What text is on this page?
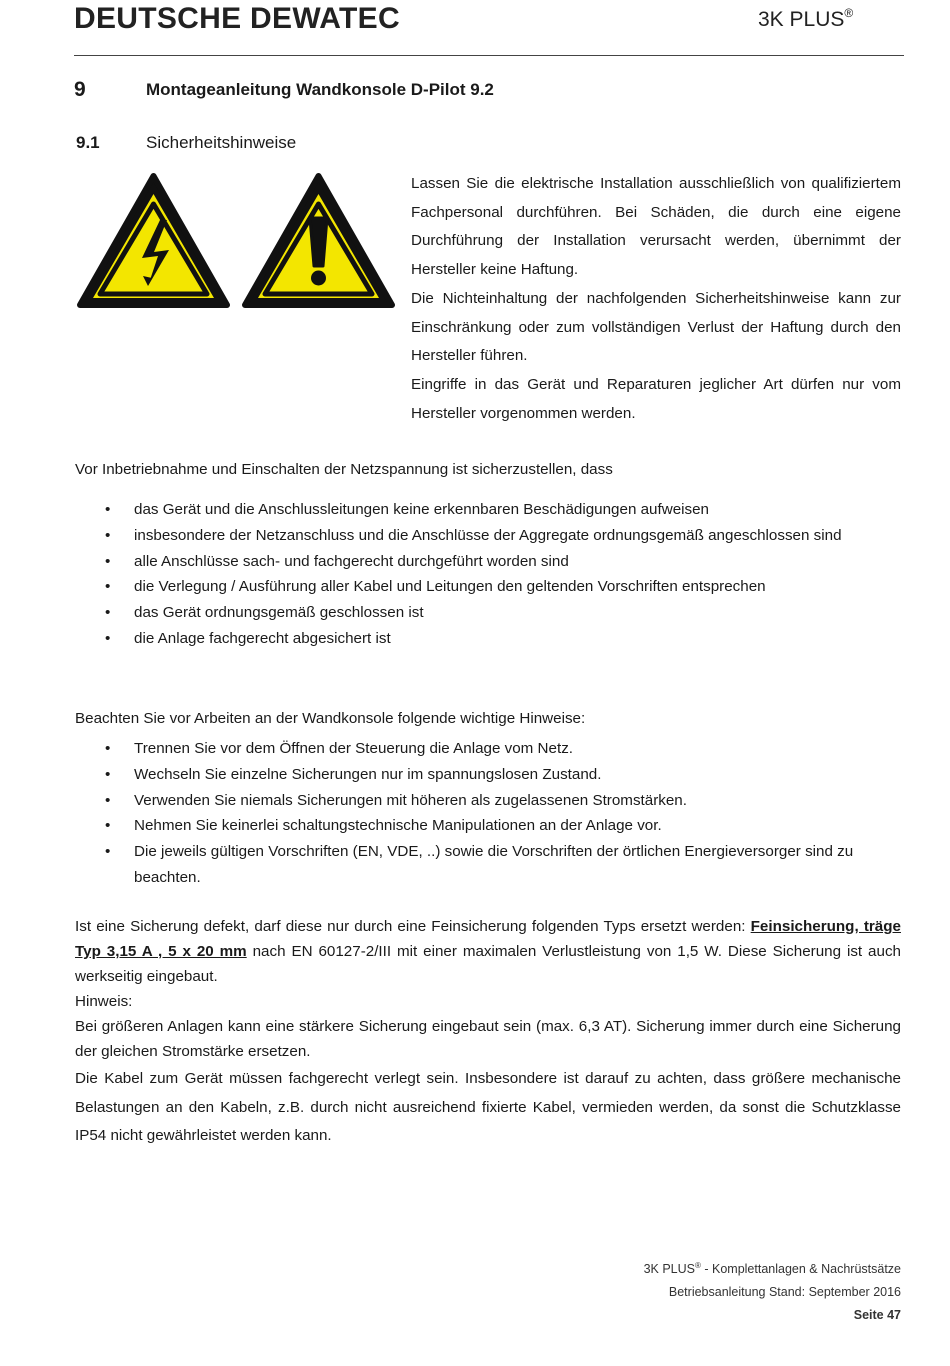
DEUTSCHE DEWATEC	3K PLUS®
9	Montageanleitung Wandkonsole D-Pilot 9.2
9.1	Sicherheitshinweise

Lassen Sie die elektrische Installation ausschließlich von qualifiziertem Fachpersonal durchführen. Bei Schäden, die durch eine eigene Durchführung der Installation verursacht werden, übernimmt der Hersteller keine Haftung.

Die Nichteinhaltung der nachfolgenden Sicherheitshinweise kann zur Einschränkung oder zum vollständigen Verlust der Haftung durch den Hersteller führen.

Eingriffe in das Gerät und Reparaturen jeglicher Art dürfen nur vom Hersteller vorgenommen werden.

Vor Inbetriebnahme und Einschalten der Netzspannung ist sicherzustellen, dass
• das Gerät und die Anschlussleitungen keine erkennbaren Beschädigungen aufweisen
• insbesondere der Netzanschluss und die Anschlüsse der Aggregate ordnungsgemäß angeschlossen sind
• alle Anschlüsse sach- und fachgerecht durchgeführt worden sind
• die Verlegung / Ausführung aller Kabel und Leitungen den geltenden Vorschriften entsprechen
• das Gerät ordnungsgemäß geschlossen ist
• die Anlage fachgerecht abgesichert ist
Beachten Sie vor Arbeiten an der Wandkonsole folgende wichtige Hinweise:
• Trennen Sie vor dem Öffnen der Steuerung die Anlage vom Netz.
• Wechseln Sie einzelne Sicherungen nur im spannungslosen Zustand.
• Verwenden Sie niemals Sicherungen mit höheren als zugelassenen Stromstärken.
• Nehmen Sie keinerlei schaltungstechnische Manipulationen an der Anlage vor.
• Die jeweils gültigen Vorschriften (EN, VDE, ..) sowie die Vorschriften der örtlichen Energieversorger sind zu beachten.

Ist eine Sicherung defekt, darf diese nur durch eine Feinsicherung folgenden Typs ersetzt werden: Feinsicherung, träge Typ 3,15 A , 5 x 20 mm nach EN 60127-2/III mit einer maximalen Verlustleistung von 1,5 W. Diese Sicherung ist auch werkseitig eingebaut.

Hinweis:

Bei größeren Anlagen kann eine stärkere Sicherung eingebaut sein (max. 6,3 AT). Sicherung immer durch eine Sicherung der gleichen Stromstärke ersetzen.

Die Kabel zum Gerät müssen fachgerecht verlegt sein. Insbesondere ist darauf zu achten, dass größere mechanische Belastungen an den Kabeln, z.B. durch nicht ausreichend fixierte Kabel, vermieden werden, da sonst die Schutzklasse IP54 nicht gewährleistet werden kann.

3K PLUS® - Komplettanlagen & Nachrüstsätze
Betriebsanleitung Stand: September 2016
Seite 47
